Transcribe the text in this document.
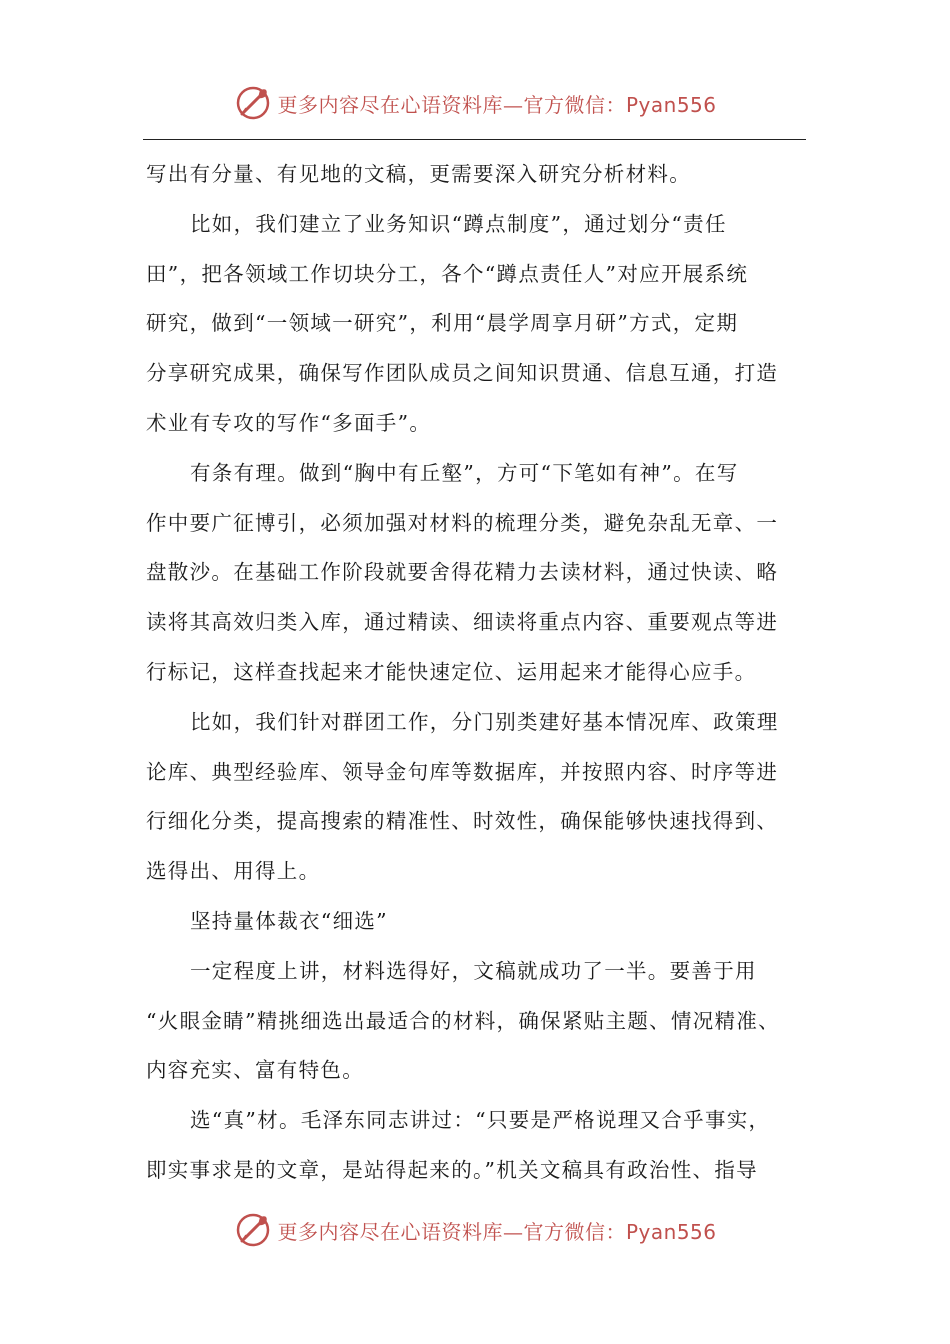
更多内容尽在心语资料库—官方微信：Pyan556
写出有分量、有见地的文稿，更需要深入研究分析材料。
比如，我们建立了业务知识“蹲点制度”，通过划分“责任
田”，把各领域工作切块分工，各个“蹲点责任人”对应开展系统
研究，做到“一领域一研究”，利用“晨学周享月研”方式，定期
分享研究成果，确保写作团队成员之间知识贯通、信息互通，打造
术业有专攻的写作“多面手”。
有条有理。做到“胸中有丘壑”，方可“下笔如有神”。在写
作中要广征博引，必须加强对材料的梳理分类，避免杂乱无章、一
盘散沙。在基础工作阶段就要舍得花精力去读材料，通过快读、略
读将其高效归类入库，通过精读、细读将重点内容、重要观点等进
行标记，这样查找起来才能快速定位、运用起来才能得心应手。
比如，我们针对群团工作，分门别类建好基本情况库、政策理
论库、典型经验库、领导金句库等数据库，并按照内容、时序等进
行细化分类，提高搜索的精准性、时效性，确保能够快速找得到、
选得出、用得上。
坚持量体裁衣“细选”
一定程度上讲，材料选得好，文稿就成功了一半。要善于用
“火眼金睛”精挑细选出最适合的材料，确保紧贴主题、情况精准、
内容充实、富有特色。
选“真”材。毛泽东同志讲过：“只要是严格说理又合乎事实，
即实事求是的文章，是站得起来的。”机关文稿具有政治性、指导
更多内容尽在心语资料库—官方微信：Pyan556
